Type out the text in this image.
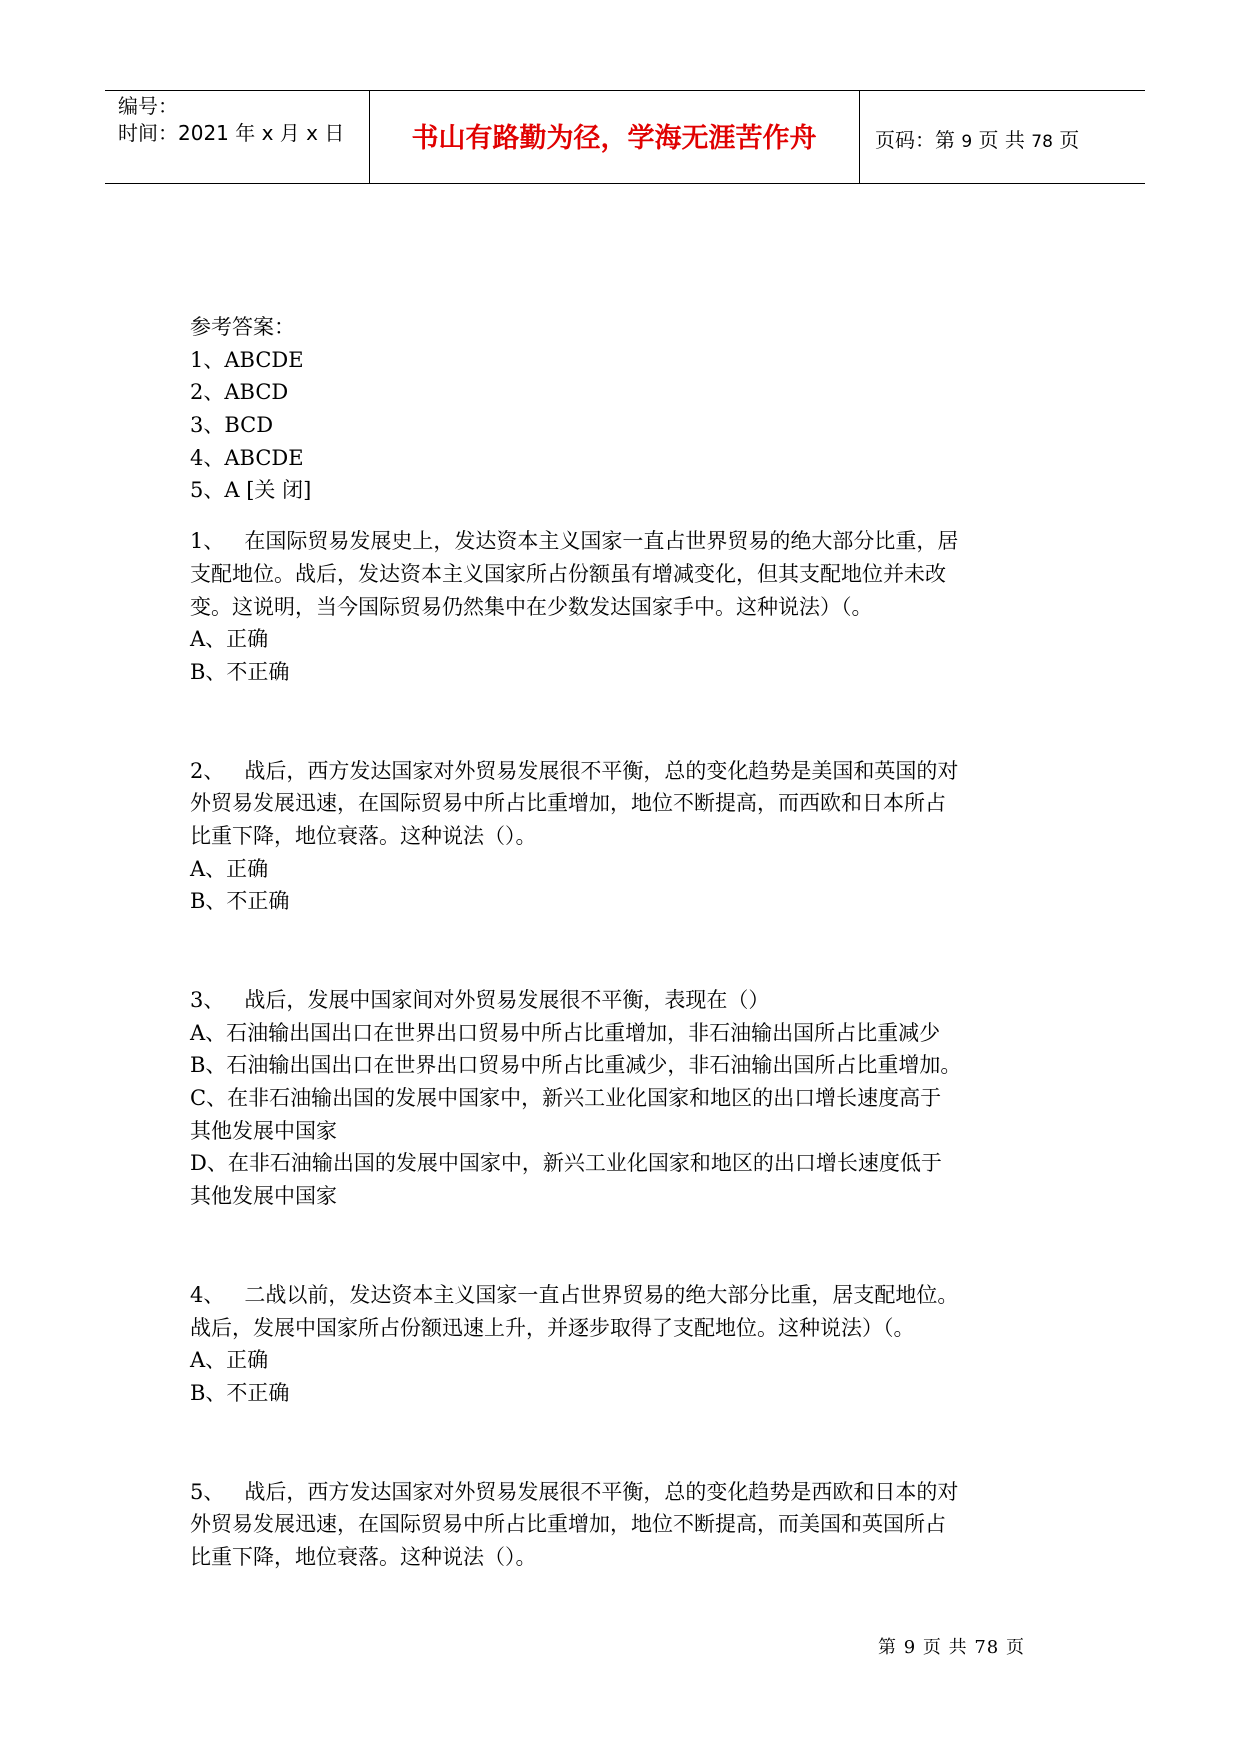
编号：
时间：2021 年 x 月 x 日	书山有路勤为径，学海无涯苦作舟	页码：第 9 页 共 78 页
参考答案：
1、ABCDE
2、ABCD
3、BCD
4、ABCDE
5、A [关 闭]
1、 在国际贸易发展史上，发达资本主义国家一直占世界贸易的绝大部分比重，居
支配地位。战后，发达资本主义国家所占份额虽有增减变化，但其支配地位并未改
变。这说明，当今国际贸易仍然集中在少数发达国家手中。这种说法）（。
A、正确
B、不正确
2、 战后，西方发达国家对外贸易发展很不平衡，总的变化趋势是美国和英国的对
外贸易发展迅速，在国际贸易中所占比重增加，地位不断提高，而西欧和日本所占
比重下降，地位衰落。这种说法（）。
A、正确
B、不正确
3、 战后，发展中国家间对外贸易发展很不平衡，表现在（）
A、石油输出国出口在世界出口贸易中所占比重增加，非石油输出国所占比重减少
B、石油输出国出口在世界出口贸易中所占比重减少，非石油输出国所占比重增加。
C、在非石油输出国的发展中国家中，新兴工业化国家和地区的出口增长速度高于
其他发展中国家
D、在非石油输出国的发展中国家中，新兴工业化国家和地区的出口增长速度低于
其他发展中国家
4、 二战以前，发达资本主义国家一直占世界贸易的绝大部分比重，居支配地位。
战后，发展中国家所占份额迅速上升，并逐步取得了支配地位。这种说法）（。
A、正确
B、不正确
5、 战后，西方发达国家对外贸易发展很不平衡，总的变化趋势是西欧和日本的对
外贸易发展迅速，在国际贸易中所占比重增加，地位不断提高，而美国和英国所占
比重下降，地位衰落。这种说法（）。
第 9 页 共 78 页
